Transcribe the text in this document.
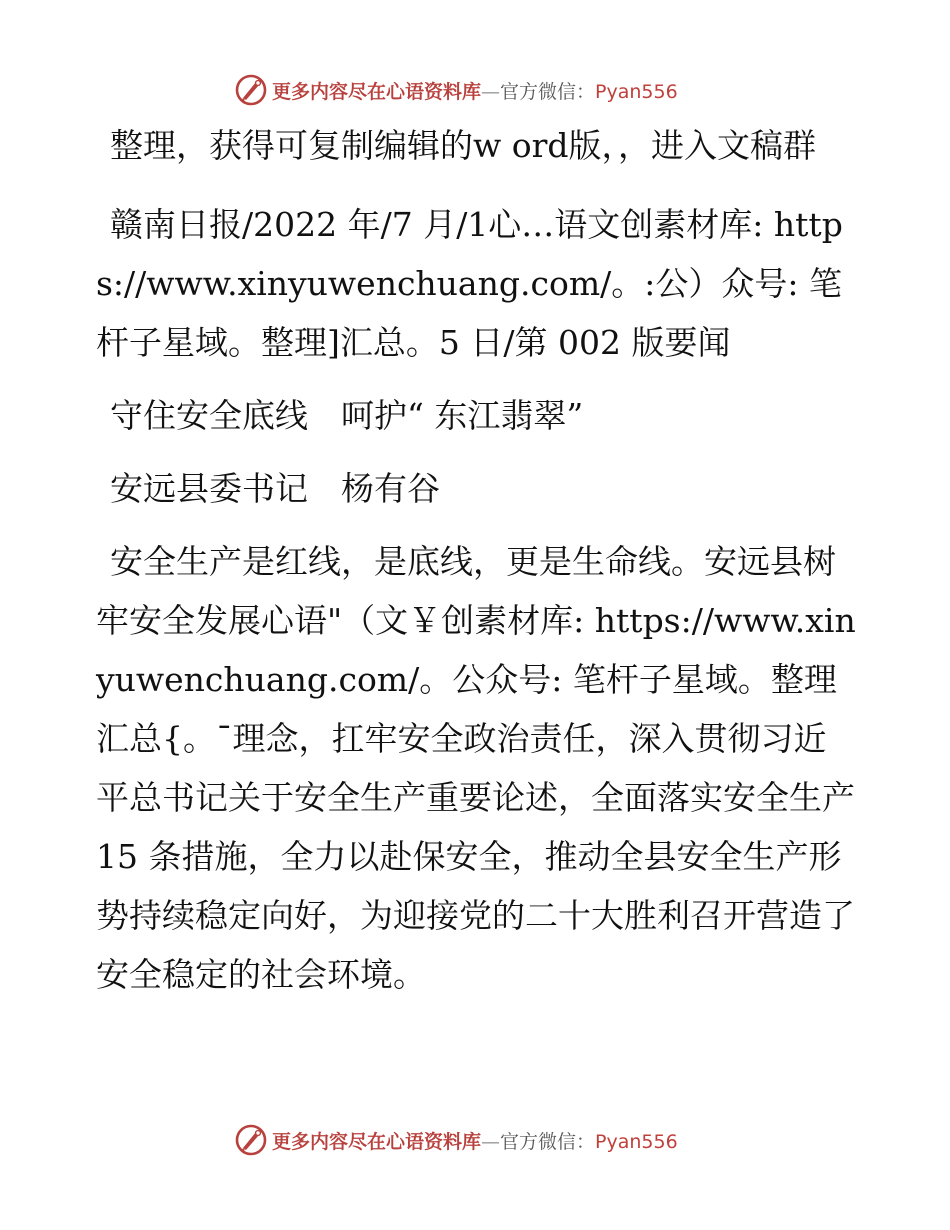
更多内容尽在心语资料库—官方微信：Pyan556

整理，获得可复制编辑的w ord版，，进入文稿群

赣南日报/2022 年/7 月/1心…语文创素材库: https://www.xinyuwenchuang.com/。:公）众号: 笔杆子星域。整理]汇总。5 日/第 002 版要闻

守住安全底线　呵护“ 东江翡翠”

安远县委书记　杨有谷

安全生产是红线，是底线，更是生命线。安远县树牢安全发展心语"（文￥创素材库: https://www.xinyuwenchuang.com/。公众号: 笔杆子星域。整理汇总{。¯理念，扛牢安全政治责任，深入贯彻习近平总书记关于安全生产重要论述，全面落实安全生产 15 条措施，全力以赴保安全，推动全县安全生产形势持续稳定向好，为迎接党的二十大胜利召开营造了安全稳定的社会环境。

更多内容尽在心语资料库—官方微信：Pyan556
